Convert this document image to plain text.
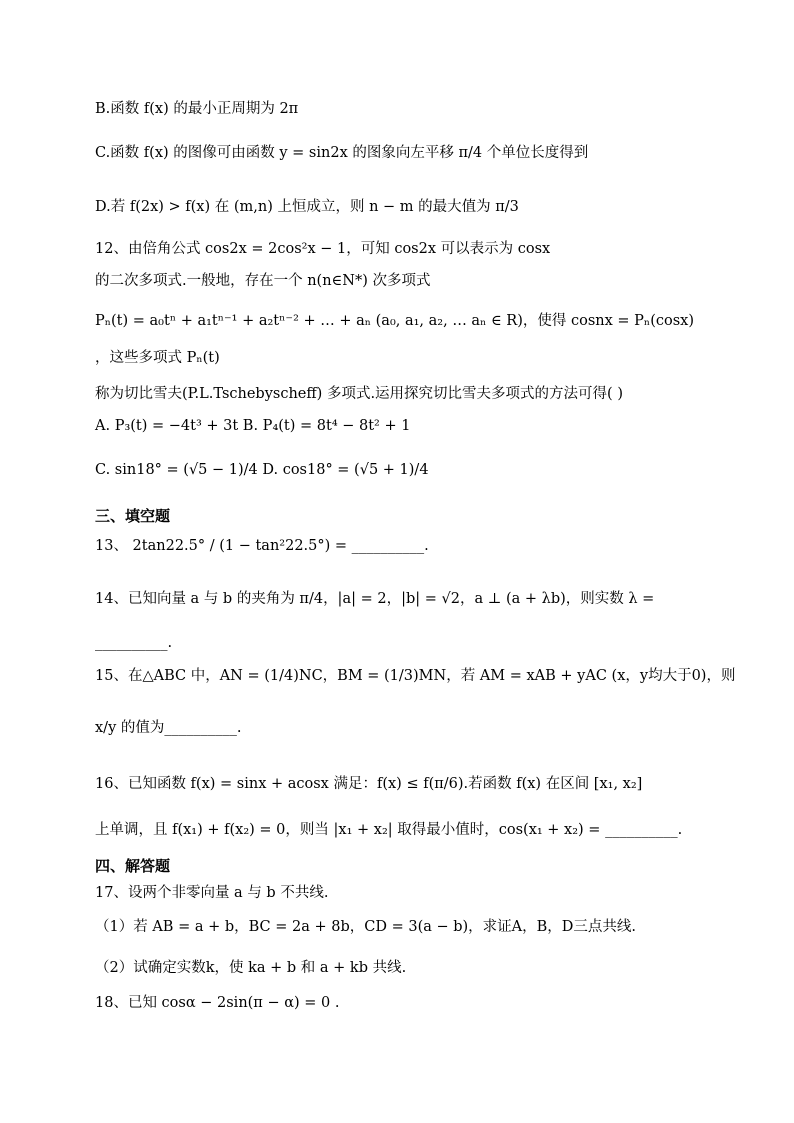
B.函数 f(x) 的最小正周期为 2π
C.函数 f(x) 的图像可由函数 y = sin2x 的图象向左平移 π/4 个单位长度得到
D.若 f(2x) > f(x) 在 (m,n) 上恒成立，则 n − m 的最大值为 π/3
12、由倍角公式 cos2x = 2cos²x − 1，可知 cos2x 可以表示为 cosx
的二次多项式.一般地，存在一个 n(n∈N*) 次多项式
Pₙ(t) = a₀tⁿ + a₁tⁿ⁻¹ + a₂tⁿ⁻² + … + aₙ (a₀, a₁, a₂, … aₙ ∈ R)，使得 cosnx = Pₙ(cosx)
，这些多项式 Pₙ(t)
称为切比雪夫(P.L.Tschebyscheff) 多项式.运用探究切比雪夫多项式的方法可得( )
A. P₃(t) = −4t³ + 3t B. P₄(t) = 8t⁴ − 8t² + 1
C. sin18° = (√5 − 1)/4 D. cos18° = (√5 + 1)/4
三、填空题
13、 2tan22.5° / (1 − tan²22.5°) = __________.
14、已知向量 a 与 b 的夹角为 π/4，|a| = 2，|b| = √2，a ⊥ (a + λb)，则实数 λ =
__________.
15、在△ABC 中，AN = (1/4)NC，BM = (1/3)MN，若 AM = xAB + yAC (x，y均大于0)，则
x/y 的值为__________.
16、已知函数 f(x) = sinx + acosx 满足：f(x) ≤ f(π/6).若函数 f(x) 在区间 [x₁, x₂]
上单调，且 f(x₁) + f(x₂) = 0，则当 |x₁ + x₂| 取得最小值时，cos(x₁ + x₂) = __________.
四、解答题
17、设两个非零向量 a 与 b 不共线.
（1）若 AB = a + b，BC = 2a + 8b，CD = 3(a − b)，求证A，B，D三点共线.
（2）试确定实数k，使 ka + b 和 a + kb 共线.
18、已知 cosα − 2sin(π − α) = 0 .
